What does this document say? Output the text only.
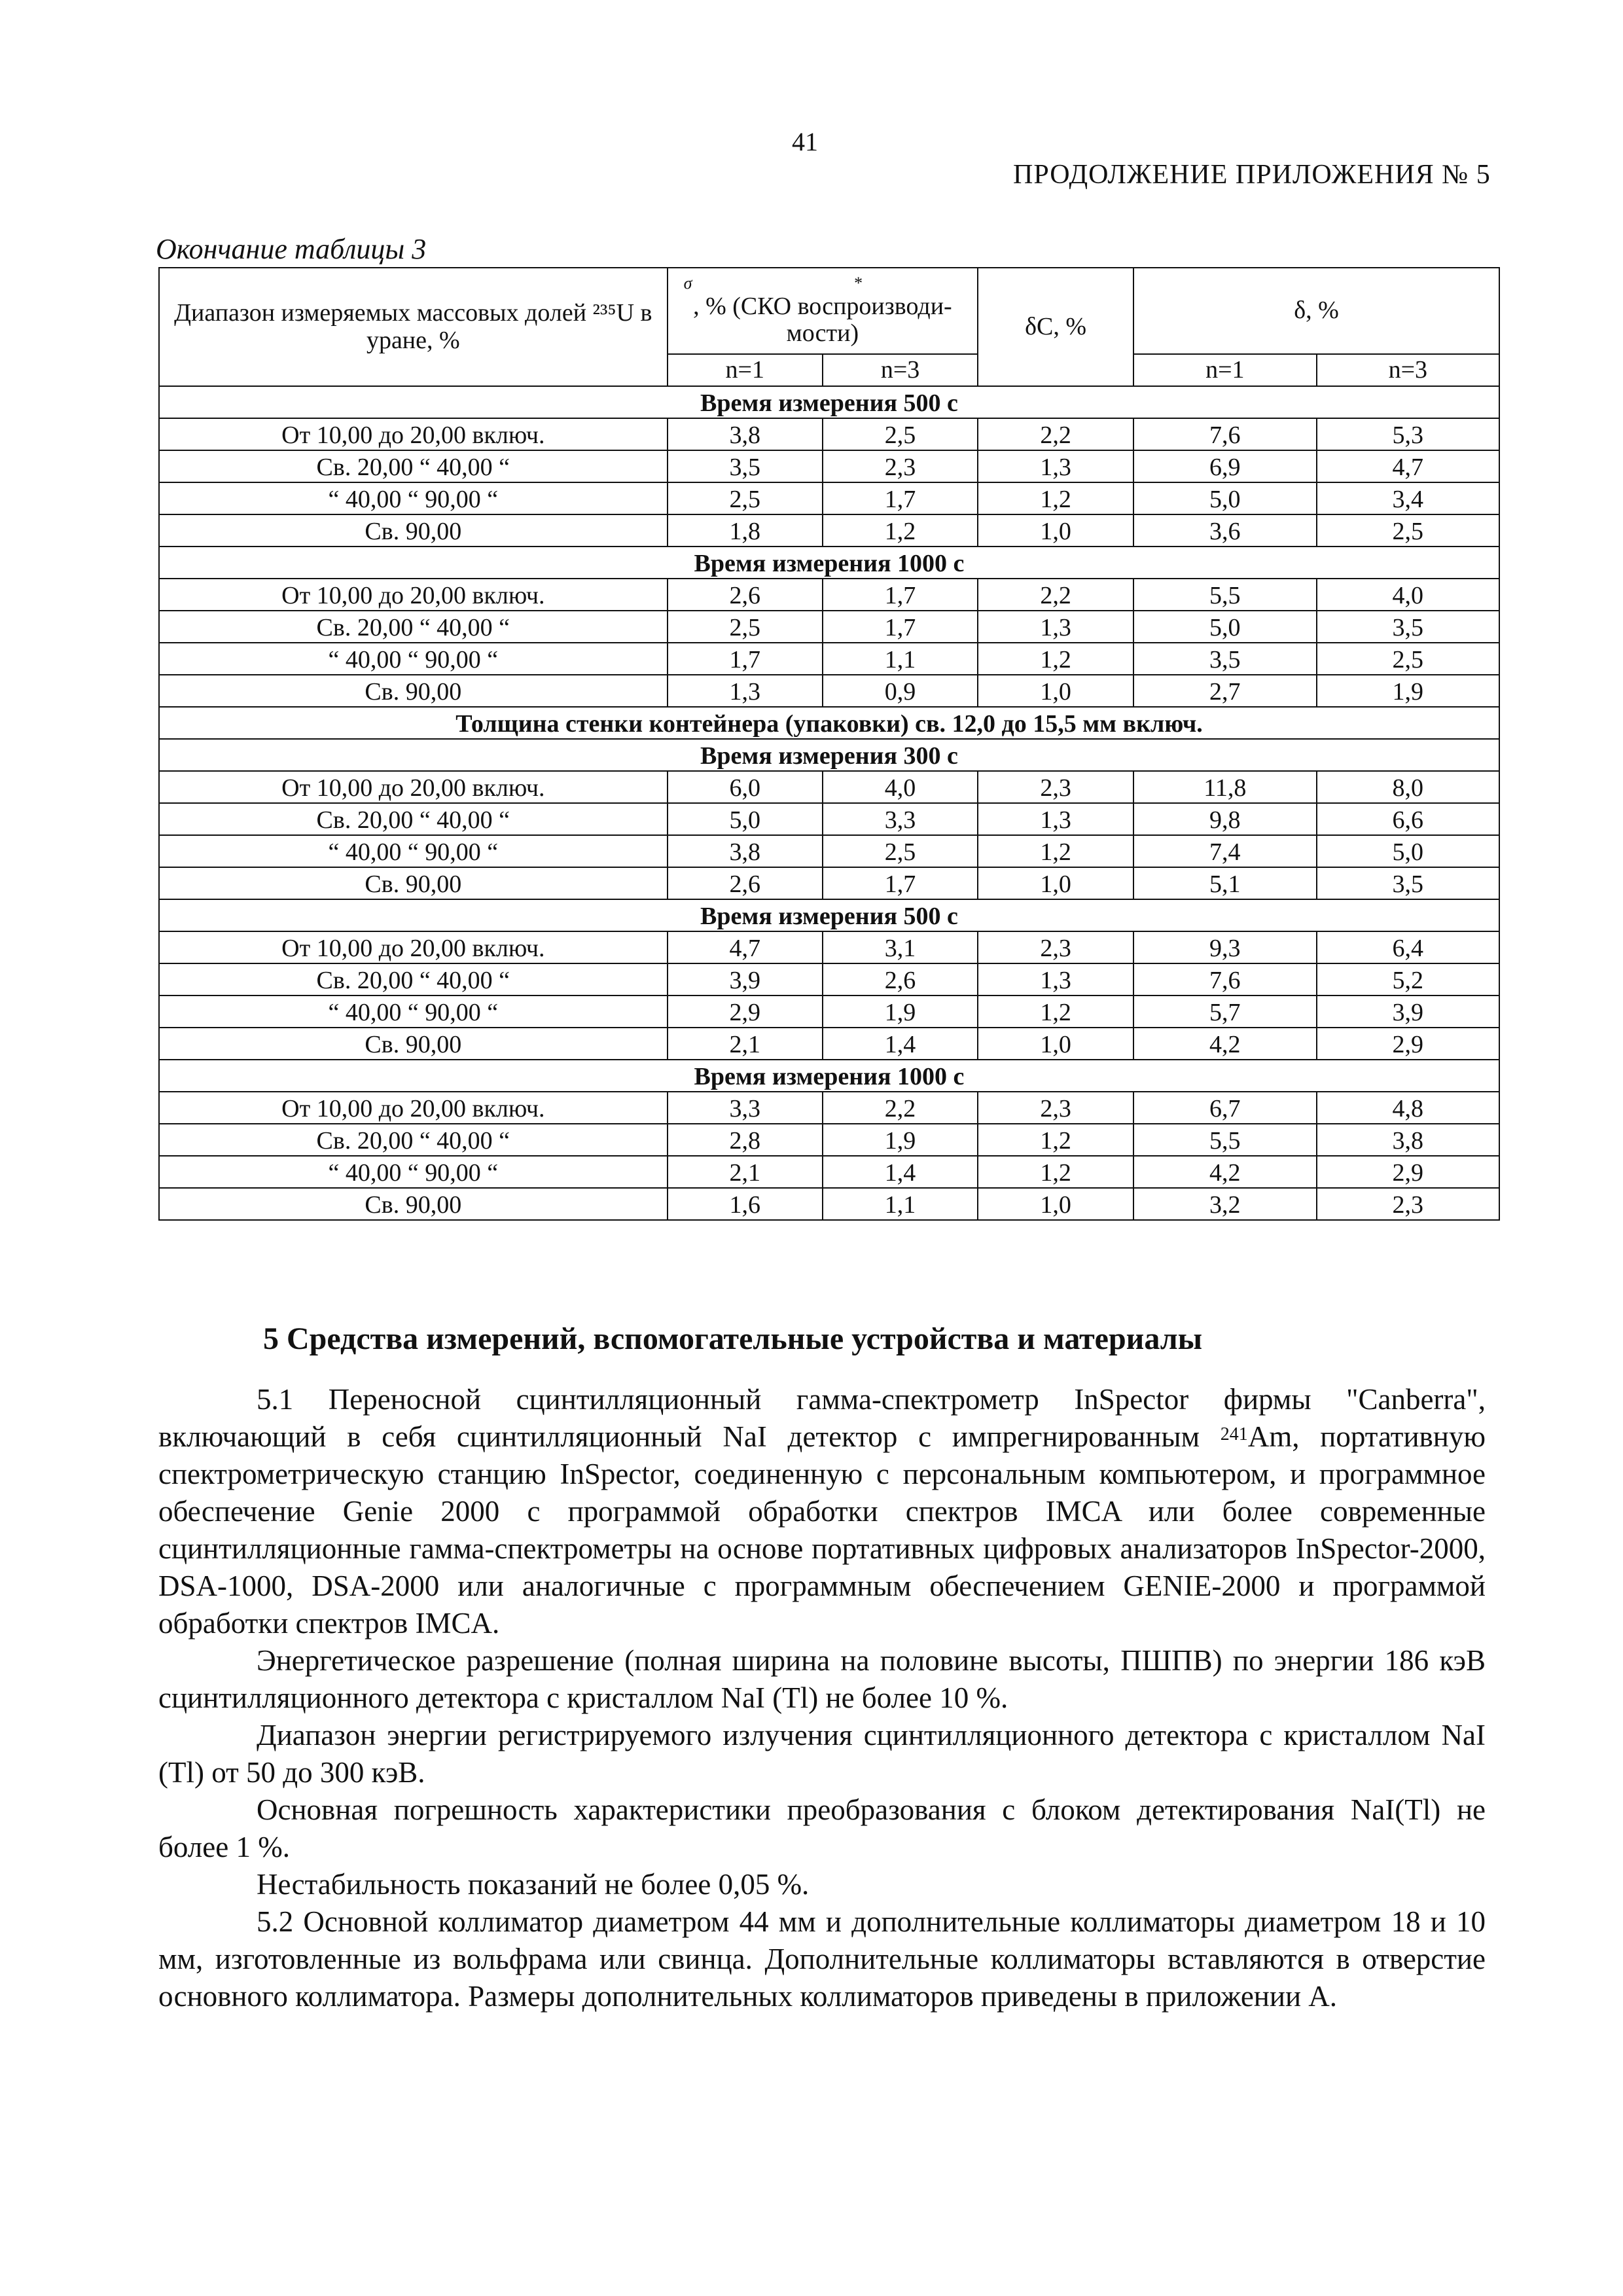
41
ПРОДОЛЖЕНИЕ ПРИЛОЖЕНИЯ № 5
Окончание таблицы 3
Диапазон измеряемых массовых долей ²³⁵U в уране, %	σ *
, % (СКО воспроизводи-мости)		δC, %	δ, %	
	n=1	n=3		n=1	n=3
Время измерения 500 с					
От 10,00 до 20,00 включ.	3,8	2,5	2,2	7,6	5,3
Св. 20,00 “ 40,00 “	3,5	2,3	1,3	6,9	4,7
“ 40,00 “ 90,00 “	2,5	1,7	1,2	5,0	3,4
Св. 90,00	1,8	1,2	1,0	3,6	2,5
Время измерения 1000 с					
От 10,00 до 20,00 включ.	2,6	1,7	2,2	5,5	4,0
Св. 20,00 “ 40,00 “	2,5	1,7	1,3	5,0	3,5
“ 40,00 “ 90,00 “	1,7	1,1	1,2	3,5	2,5
Св. 90,00	1,3	0,9	1,0	2,7	1,9
Толщина стенки контейнера (упаковки) св. 12,0 до 15,5 мм включ.					
Время измерения 300 с					
От 10,00 до 20,00 включ.	6,0	4,0	2,3	11,8	8,0
Св. 20,00 “ 40,00 “	5,0	3,3	1,3	9,8	6,6
“ 40,00 “ 90,00 “	3,8	2,5	1,2	7,4	5,0
Св. 90,00	2,6	1,7	1,0	5,1	3,5
Время измерения 500 с					
От 10,00 до 20,00 включ.	4,7	3,1	2,3	9,3	6,4
Св. 20,00 “ 40,00 “	3,9	2,6	1,3	7,6	5,2
“ 40,00 “ 90,00 “	2,9	1,9	1,2	5,7	3,9
Св. 90,00	2,1	1,4	1,0	4,2	2,9
Время измерения 1000 с					
От 10,00 до 20,00 включ.	3,3	2,2	2,3	6,7	4,8
Св. 20,00 “ 40,00 “	2,8	1,9	1,2	5,5	3,8
“ 40,00 “ 90,00 “	2,1	1,4	1,2	4,2	2,9
Св. 90,00	1,6	1,1	1,0	3,2	2,3
5 Средства измерений, вспомогательные устройства и материалы

5.1 Переносной сцинтилляционный гамма-спектрометр InSpector фирмы "Canberra", включающий в себя сцинтилляционный NaI детектор с импрегнированным $^{241}$Am, портативную спектрометрическую станцию InSpector, соединенную с персональным компьютером, и программное обеспечение Genie 2000 с программой обработки спектров IMCA или более современные сцинтилляционные гамма-спектрометры на основе портативных цифровых анализаторов InSpector-2000, DSA-1000, DSA-2000 или аналогичные с программным обеспечением GENIE-2000 и программой обработки спектров IMCA.

Энергетическое разрешение (полная ширина на половине высоты, ПШПВ) по энергии 186 кэВ сцинтилляционного детектора с кристаллом NaI (Tl) не более 10 %.

Диапазон энергии регистрируемого излучения сцинтилляционного детектора с кристаллом NaI (Tl) от 50 до 300 кэВ.

Основная погрешность характеристики преобразования с блоком детектирования NaI(Tl) не более 1 %.

Нестабильность показаний не более 0,05 %.

5.2 Основной коллиматор диаметром 44 мм и дополнительные коллиматоры диаметром 18 и 10 мм, изготовленные из вольфрама или свинца. Дополнительные коллиматоры вставляются в отверстие основного коллиматора. Размеры дополнительных коллиматоров приведены в приложении А.
